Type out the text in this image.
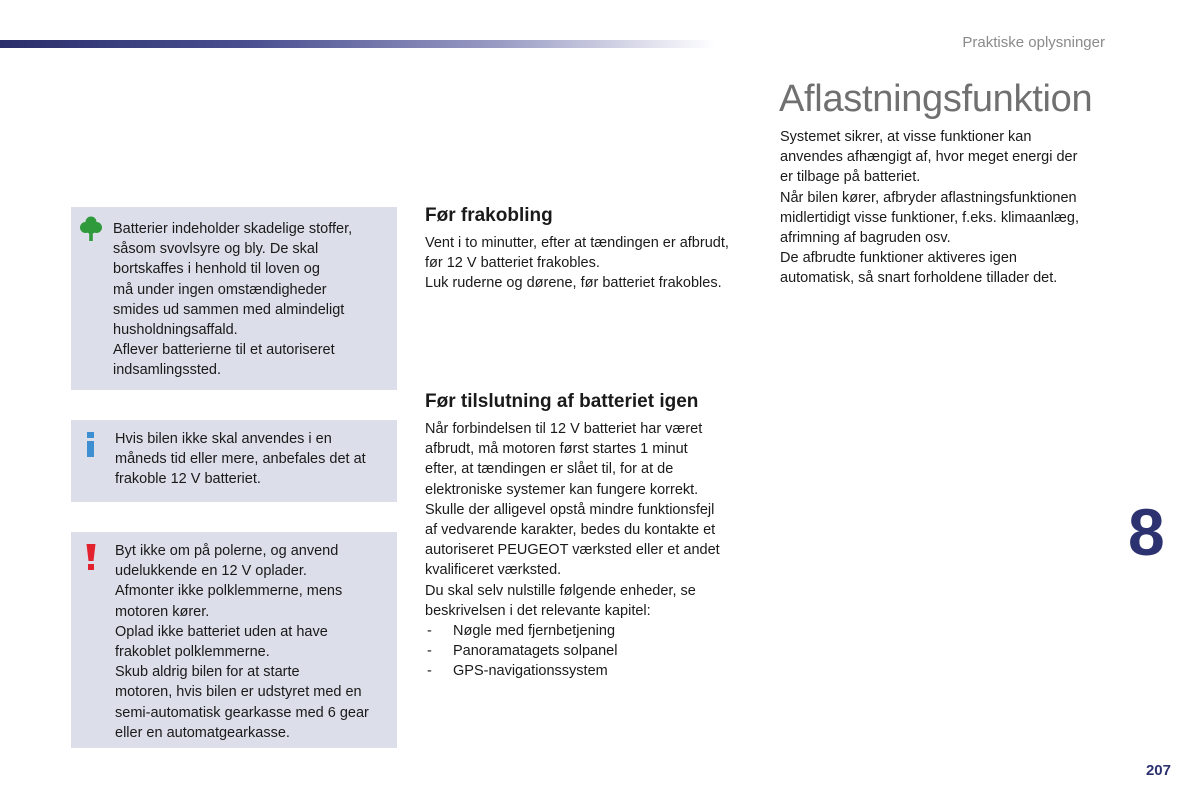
Praktiske oplysninger

Batterier indeholder skadelige stoffer,
såsom svovlsyre og bly. De skal
bortskaffes i henhold til loven og
må under ingen omstændigheder
smides ud sammen med almindeligt
husholdningsaffald.
Aflever batterierne til et autoriseret
indsamlingssted.

Hvis bilen ikke skal anvendes i en
måneds tid eller mere, anbefales det at
frakoble 12 V batteriet.

Byt ikke om på polerne, og anvend
udelukkende en 12 V oplader.
Afmonter ikke polklemmerne, mens
motoren kører.
Oplad ikke batteriet uden at have
frakoblet polklemmerne.
Skub aldrig bilen for at starte
motoren, hvis bilen er udstyret med en
semi-automatisk gearkasse med 6 gear
eller en automatgearkasse.

Før frakobling

Vent i to minutter, efter at tændingen er afbrudt,
før 12 V batteriet frakobles.
Luk ruderne og dørene, før batteriet frakobles.

Før tilslutning af batteriet igen

Når forbindelsen til 12 V batteriet har været
afbrudt, må motoren først startes 1 minut
efter, at tændingen er slået til, for at de
elektroniske systemer kan fungere korrekt.
Skulle der alligevel opstå mindre funktionsfejl
af vedvarende karakter, bedes du kontakte et
autoriseret PEUGEOT værksted eller et andet
kvalificeret værksted.
Du skal selv nulstille følgende enheder, se
beskrivelsen i det relevante kapitel:

- Nøgle med fjernbetjening
- Panoramatagets solpanel
- GPS-navigationssystem
Aflastningsfunktion

Systemet sikrer, at visse funktioner kan
anvendes afhængigt af, hvor meget energi der
er tilbage på batteriet.
Når bilen kører, afbryder aflastningsfunktionen
midlertidigt visse funktioner, f.eks. klimaanlæg,
afrimning af bagruden osv.
De afbrudte funktioner aktiveres igen
automatisk, så snart forholdene tillader det.

8
207
